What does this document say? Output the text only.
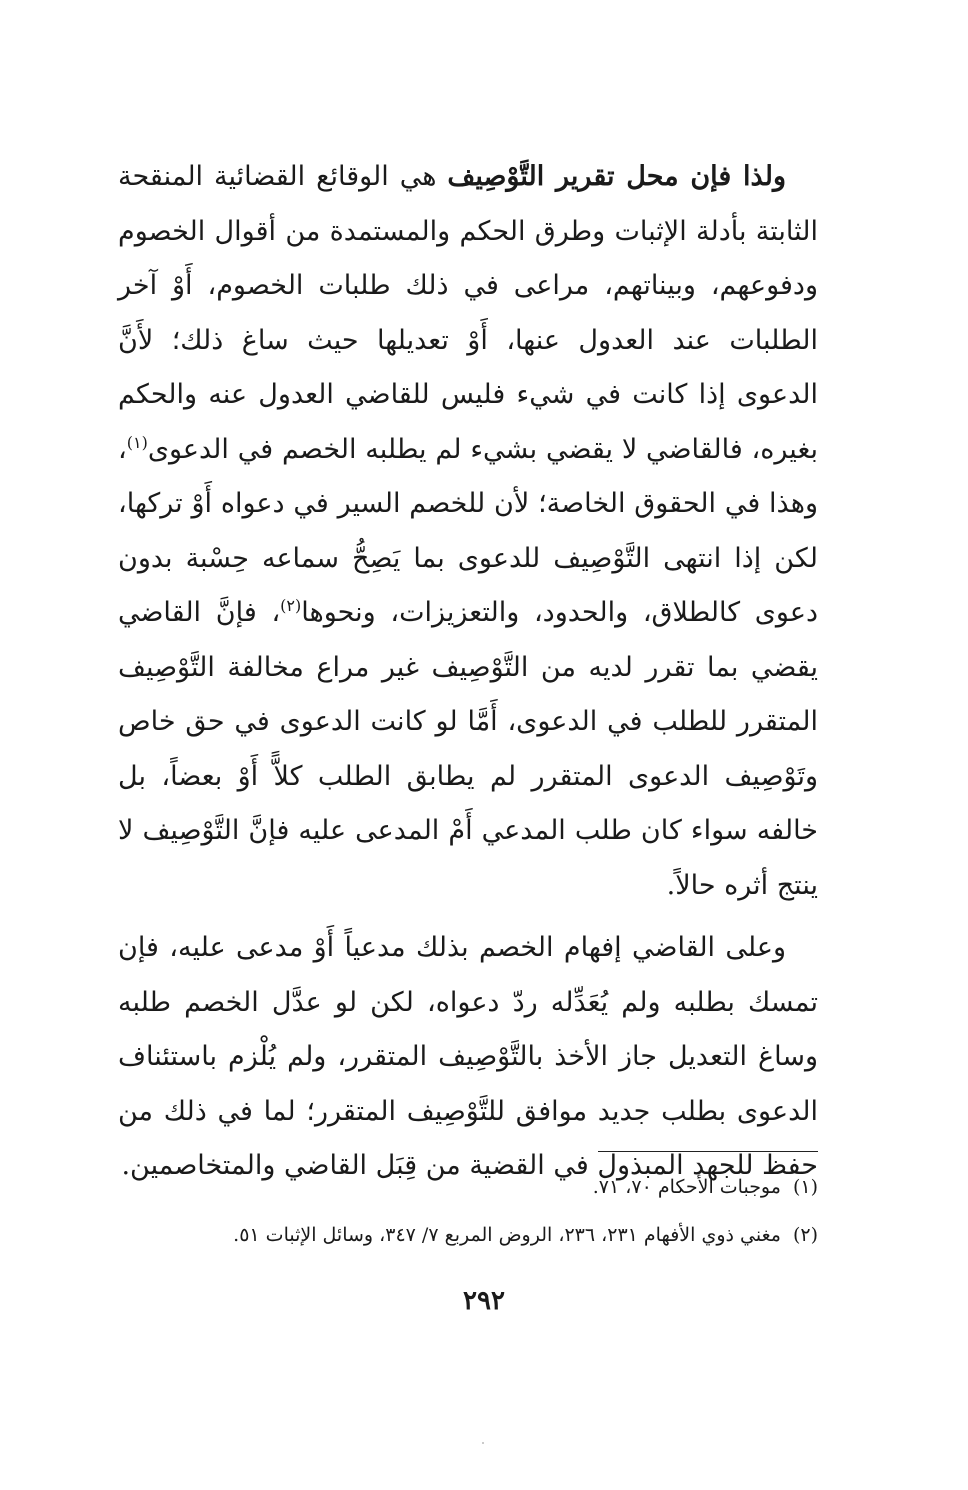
ولذا فإن محل تقرير التَّوْصِيف هي الوقائع القضائية المنقحة الثابتة بأدلة الإثبات وطرق الحكم والمستمدة من أقوال الخصوم ودفوعهم، وبيناتهم، مراعى في ذلك طلبات الخصوم، أَوْ آخر الطلبات عند العدول عنها، أَوْ تعديلها حيث ساغ ذلك؛ لأَنَّ الدعوى إذا كانت في شيء فليس للقاضي العدول عنه والحكم بغيره، فالقاضي لا يقضي بشيء لم يطلبه الخصم في الدعوى$^{(١)}$، وهذا في الحقوق الخاصة؛ لأن للخصم السير في دعواه أَوْ تركها، لكن إذا انتهى التَّوْصِيف للدعوى بما يَصِحُّ سماعه حِسْبة بدون دعوى كالطلاق، والحدود، والتعزيزات، ونحوها$^{(٢)}$، فإنَّ القاضي يقضي بما تقرر لديه من التَّوْصِيف غير مراع مخالفة التَّوْصِيف المتقرر للطلب في الدعوى، أَمَّا لو كانت الدعوى في حق خاص وتَوْصِيف الدعوى المتقرر لم يطابق الطلب كلاًّ أَوْ بعضاً، بل خالفه سواء كان طلب المدعي أَمْ المدعى عليه فإنَّ التَّوْصِيف لا ينتج أثره حالاً.

وعلى القاضي إفهام الخصم بذلك مدعياً أَوْ مدعى عليه، فإن تمسك بطلبه ولم يُعَدِّله ردّ دعواه، لكن لو عدَّل الخصم طلبه وساغ التعديل جاز الأخذ بالتَّوْصِيف المتقرر، ولم يُلْزم باستئناف الدعوى بطلب جديد موافق للتَّوْصِيف المتقرر؛ لما في ذلك من حفظ للجهد المبذول في القضية من قِبَل القاضي والمتخاصمين.

(١)
موجبات الأحكام ٧٠، ٧١.
(٢)
مغني ذوي الأفهام ٢٣١، ٢٣٦، الروض المربع ٧/ ٣٤٧، وسائل الإثبات ٥١.
٢٩٢
